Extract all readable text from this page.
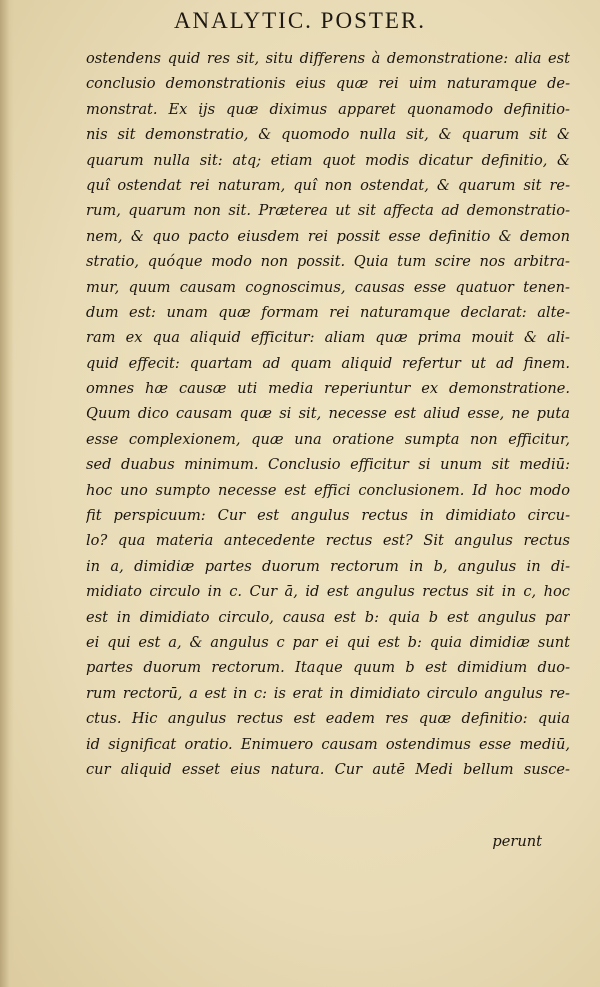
ANALYTIC. POSTER.
ostendens quid res sit, situ differens à demonstratione: alia est
conclusio demonstrationis eius quæ rei uim naturamque de-
monstrat. Ex ijs quæ diximus apparet quonamodo definitio-
nis sit demonstratio, & quomodo nulla sit, & quarum sit &
quarum nulla sit: atq; etiam quot modis dicatur definitio, &
quî ostendat rei naturam, quî non ostendat, & quarum sit re-
rum, quarum non sit. Præterea ut sit affecta ad demonstratio-
nem, & quo pacto eiusdem rei possit esse definitio & demon
stratio, quóque modo non possit. Quia tum scire nos arbitra-
mur, quum causam cognoscimus, causas esse quatuor tenen-
dum est: unam quæ formam rei naturamque declarat: alte-
ram ex qua aliquid efficitur: aliam quæ prima mouit & ali-
quid effecit: quartam ad quam aliquid refertur ut ad finem.
omnes hæ causæ uti media reperiuntur ex demonstratione.
Quum dico causam quæ si sit, necesse est aliud esse, ne puta
esse complexionem, quæ una oratione sumpta non efficitur,
sed duabus minimum. Conclusio efficitur si unum sit mediū:
hoc uno sumpto necesse est effici conclusionem. Id hoc modo
fit perspicuum: Cur est angulus rectus in dimidiato circu-
lo? qua materia antecedente rectus est? Sit angulus rectus
in a, dimidiæ partes duorum rectorum in b, angulus in di-
midiato circulo in c. Cur ā, id est angulus rectus sit in c, hoc
est in dimidiato circulo, causa est b: quia b est angulus par
ei qui est a, & angulus c par ei qui est b: quia dimidiæ sunt
partes duorum rectorum. Itaque quum b est dimidium duo-
rum rectorū, a est in c: is erat in dimidiato circulo angulus re-
ctus. Hic angulus rectus est eadem res quæ definitio: quia
id significat oratio. Enimuero causam ostendimus esse mediū,
cur aliquid esset eius natura. Cur autē Medi bellum susce-
perunt
